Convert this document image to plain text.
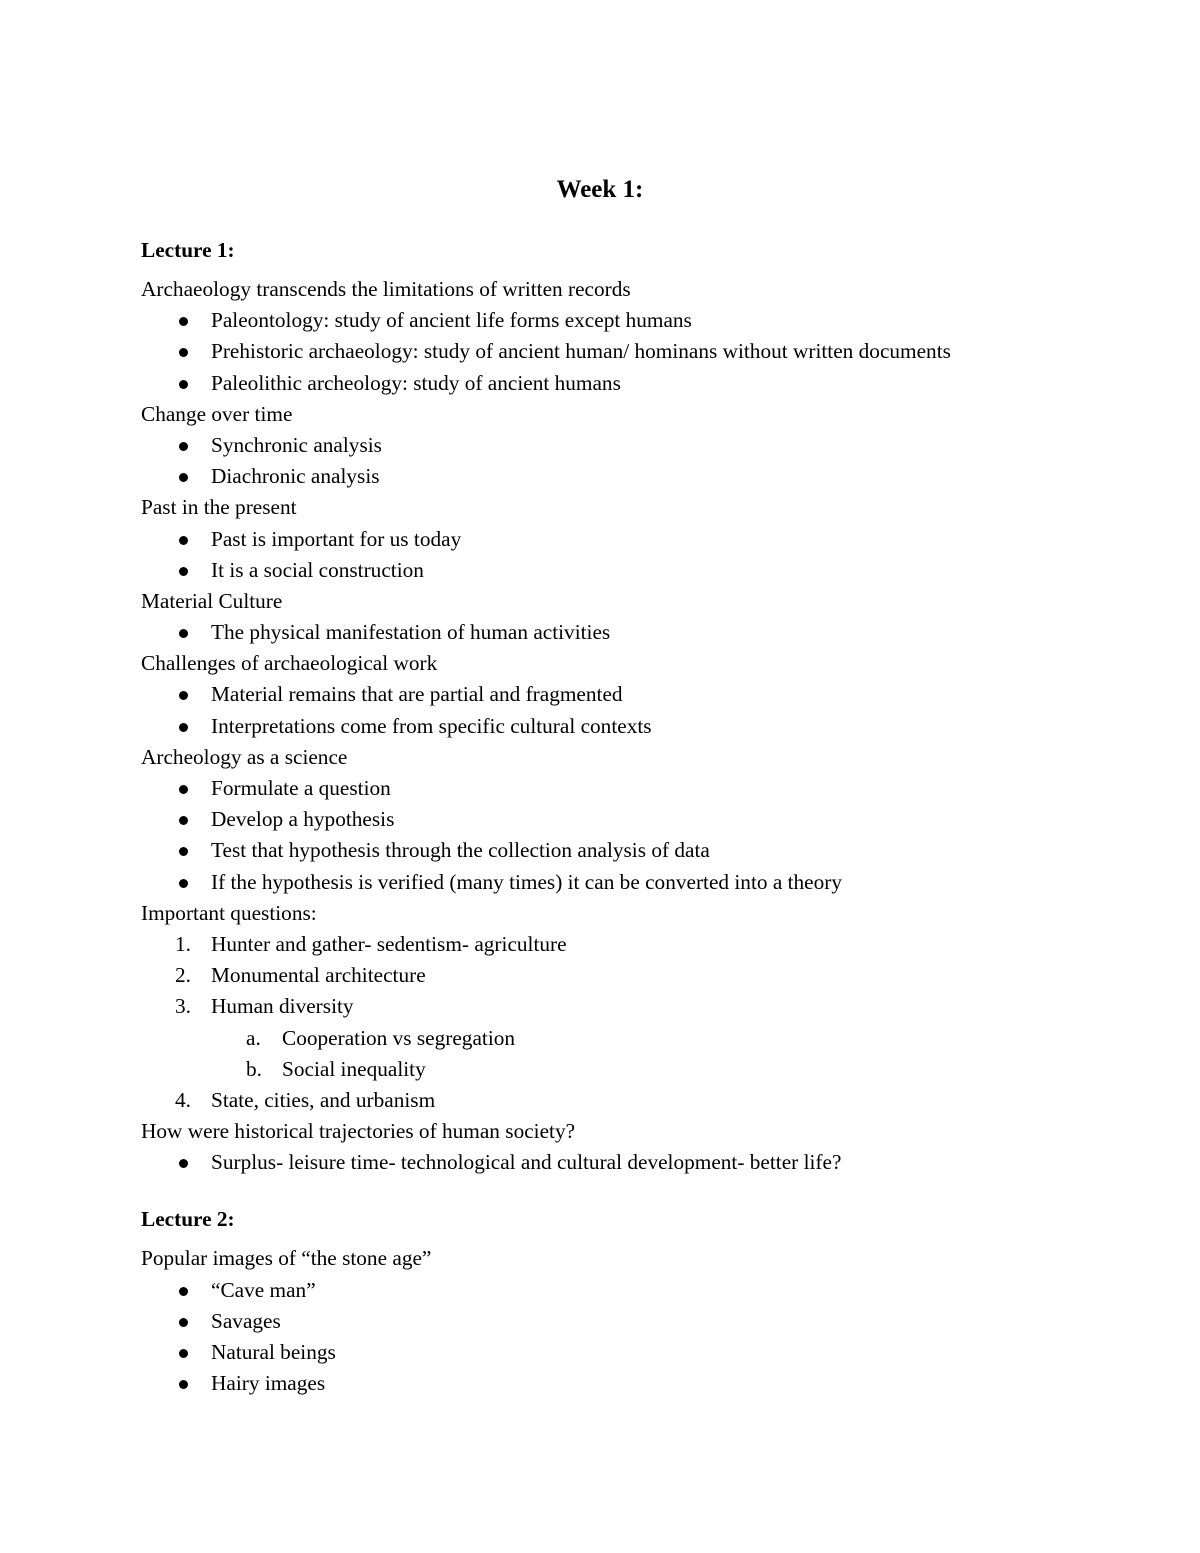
Week 1:
Lecture 1:
Archaeology transcends the limitations of written records
Paleontology: study of ancient life forms except humans
Prehistoric archaeology: study of ancient human/ hominans without written documents
Paleolithic archeology: study of ancient humans
Change over time
Synchronic analysis
Diachronic analysis
Past in the present
Past is important for us today
It is a social construction
Material Culture
The physical manifestation of human activities
Challenges of archaeological work
Material remains that are partial and fragmented
Interpretations come from specific cultural contexts
Archeology as a science
Formulate a question
Develop a hypothesis
Test that hypothesis through the collection analysis of data
If the hypothesis is verified (many times) it can be converted into a theory
Important questions:
1. Hunter and gather- sedentism- agriculture
2. Monumental architecture
3. Human diversity
a. Cooperation vs segregation
b. Social inequality
4. State, cities, and urbanism
How were historical trajectories of human society?
Surplus- leisure time- technological and cultural development- better life?
Lecture 2:
Popular images of “the stone age”
“Cave man”
Savages
Natural beings
Hairy images
